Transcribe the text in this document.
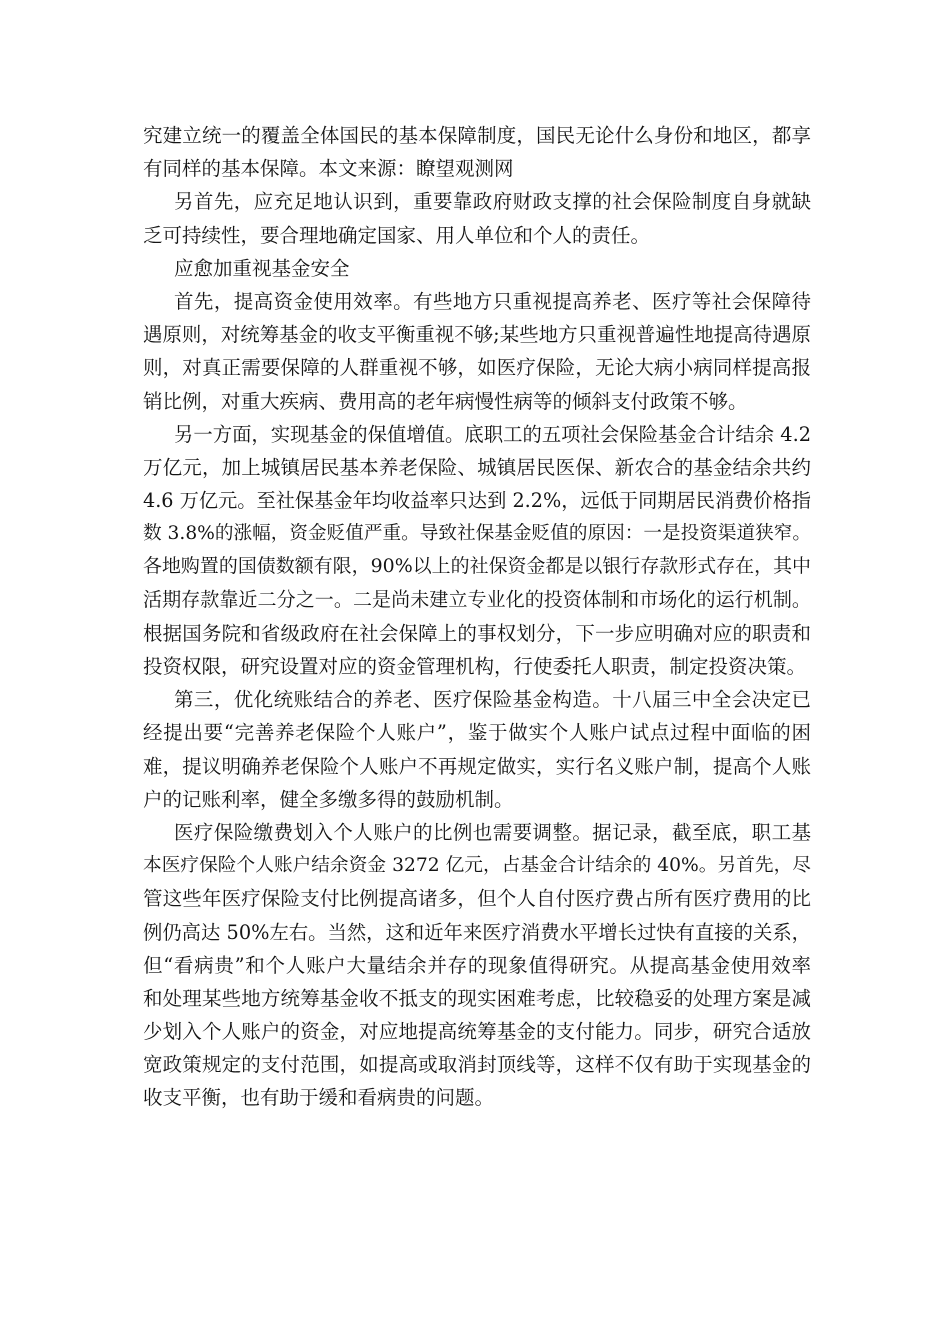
究建立统一的覆盖全体国民的基本保障制度，国民无论什么身份和地区，都享
有同样的基本保障。本文来源：瞭望观测网
另首先，应充足地认识到，重要靠政府财政支撑的社会保险制度自身就缺
乏可持续性，要合理地确定国家、用人单位和个人的责任。
应愈加重视基金安全
首先，提高资金使用效率。有些地方只重视提高养老、医疗等社会保障待
遇原则，对统筹基金的收支平衡重视不够;某些地方只重视普遍性地提高待遇原
则，对真正需要保障的人群重视不够，如医疗保险，无论大病小病同样提高报
销比例，对重大疾病、费用高的老年病慢性病等的倾斜支付政策不够。
另一方面，实现基金的保值增值。底职工的五项社会保险基金合计结余 4.2
万亿元，加上城镇居民基本养老保险、城镇居民医保、新农合的基金结余共约
4.6 万亿元。至社保基金年均收益率只达到 2.2%，远低于同期居民消费价格指
数 3.8%的涨幅，资金贬值严重。导致社保基金贬值的原因：一是投资渠道狭窄。
各地购置的国债数额有限，90%以上的社保资金都是以银行存款形式存在，其中
活期存款靠近二分之一。二是尚未建立专业化的投资体制和市场化的运行机制。
根据国务院和省级政府在社会保障上的事权划分，下一步应明确对应的职责和
投资权限，研究设置对应的资金管理机构，行使委托人职责，制定投资决策。
第三，优化统账结合的养老、医疗保险基金构造。十八届三中全会决定已
经提出要“完善养老保险个人账户”，鉴于做实个人账户试点过程中面临的困
难，提议明确养老保险个人账户不再规定做实，实行名义账户制，提高个人账
户的记账利率，健全多缴多得的鼓励机制。
医疗保险缴费划入个人账户的比例也需要调整。据记录，截至底，职工基
本医疗保险个人账户结余资金 3272 亿元，占基金合计结余的 40%。另首先，尽
管这些年医疗保险支付比例提高诸多，但个人自付医疗费占所有医疗费用的比
例仍高达 50%左右。当然，这和近年来医疗消费水平增长过快有直接的关系，
但“看病贵”和个人账户大量结余并存的现象值得研究。从提高基金使用效率
和处理某些地方统筹基金收不抵支的现实困难考虑，比较稳妥的处理方案是减
少划入个人账户的资金，对应地提高统筹基金的支付能力。同步，研究合适放
宽政策规定的支付范围，如提高或取消封顶线等，这样不仅有助于实现基金的
收支平衡，也有助于缓和看病贵的问题。
